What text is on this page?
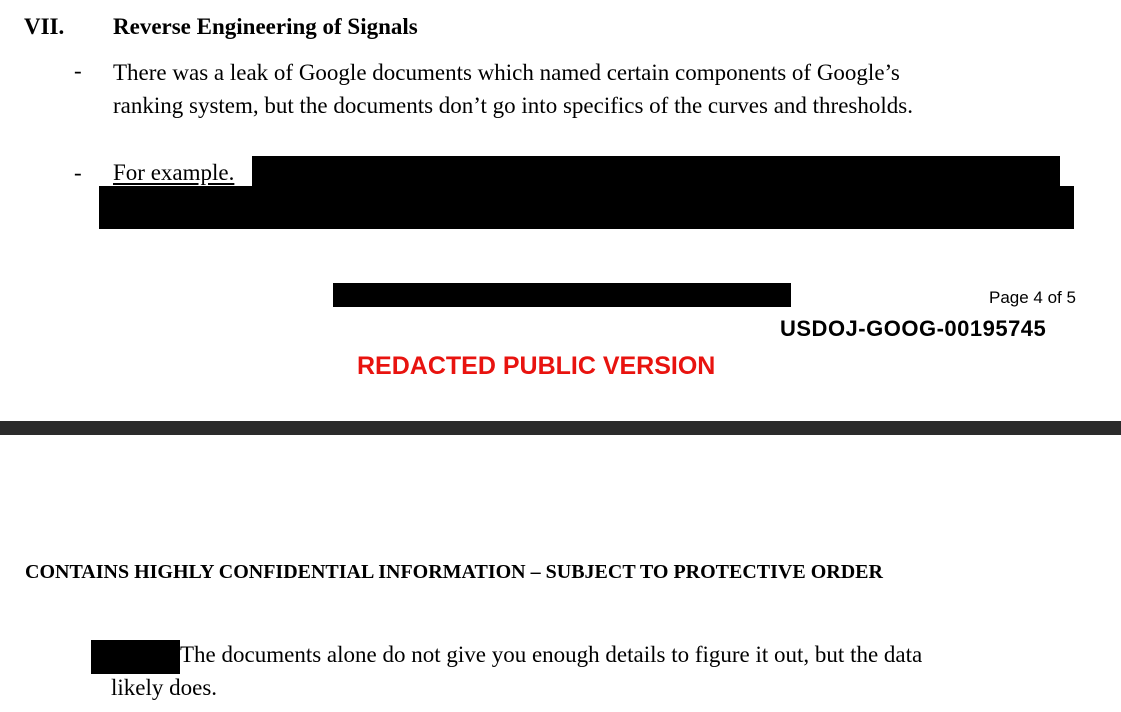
VII. Reverse Engineering of Signals
- There was a leak of Google documents which named certain components of Google’s
ranking system, but the documents don’t go into specifics of the curves and thresholds.
- For example.
Page 4 of 5
USDOJ-GOOG-00195745
REDACTED PUBLIC VERSION
CONTAINS HIGHLY CONFIDENTIAL INFORMATION – SUBJECT TO PROTECTIVE ORDER
The documents alone do not give you enough details to figure it out, but the data
likely does.
